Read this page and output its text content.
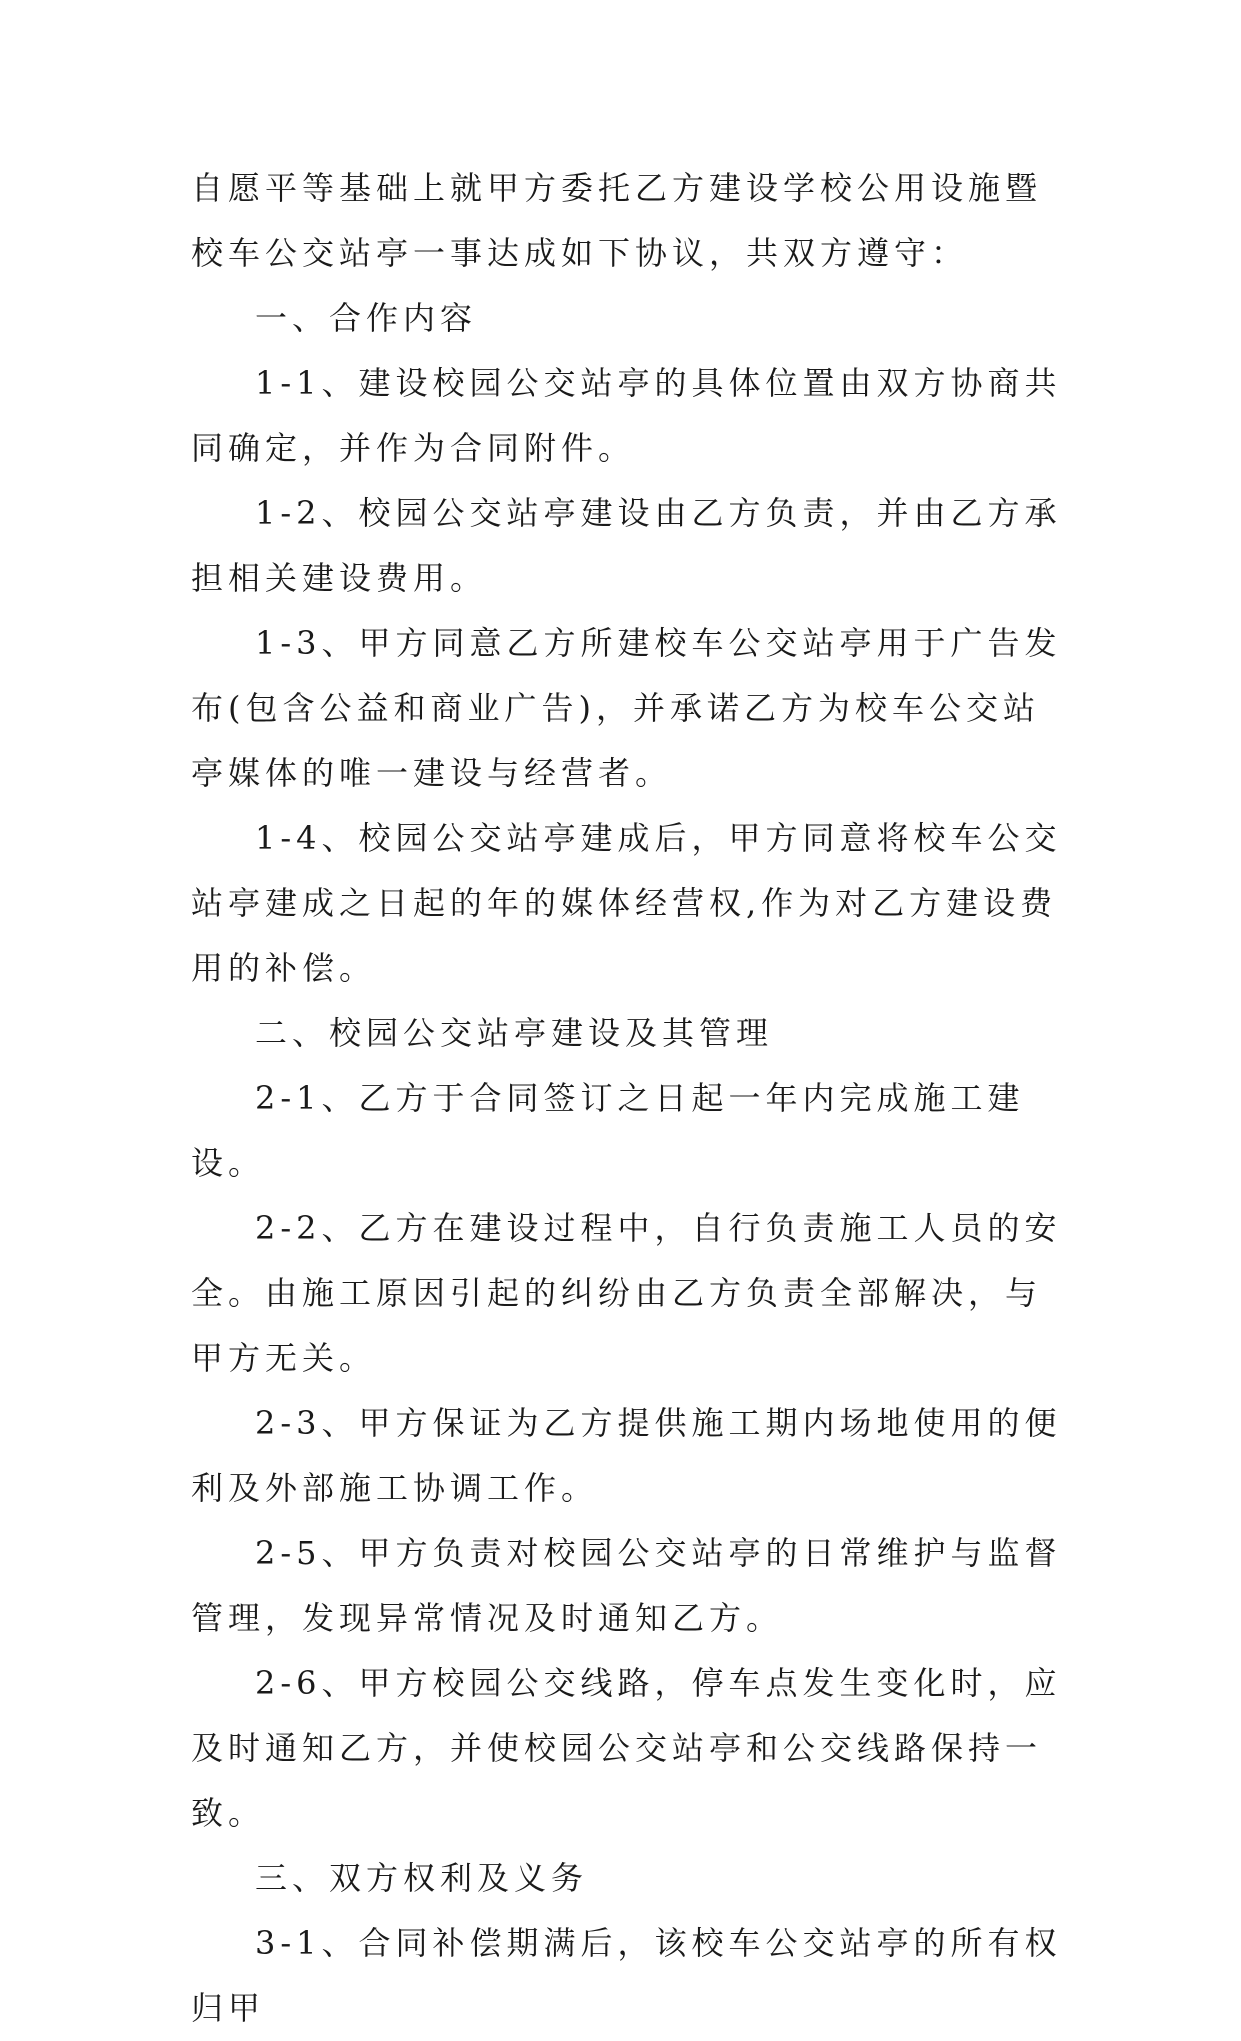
自愿平等基础上就甲方委托乙方建设学校公用设施暨校车公交站亭一事达成如下协议，共双方遵守：

一、合作内容

1-1、建设校园公交站亭的具体位置由双方协商共同确定，并作为合同附件。

1-2、校园公交站亭建设由乙方负责，并由乙方承担相关建设费用。

1-3、甲方同意乙方所建校车公交站亭用于广告发布(包含公益和商业广告)，并承诺乙方为校车公交站亭媒体的唯一建设与经营者。

1-4、校园公交站亭建成后，甲方同意将校车公交站亭建成之日起的年的媒体经营权,作为对乙方建设费用的补偿。

二、校园公交站亭建设及其管理

2-1、乙方于合同签订之日起一年内完成施工建设。

2-2、乙方在建设过程中，自行负责施工人员的安全。由施工原因引起的纠纷由乙方负责全部解决，与甲方无关。

2-3、甲方保证为乙方提供施工期内场地使用的便利及外部施工协调工作。

2-5、甲方负责对校园公交站亭的日常维护与监督管理，发现异常情况及时通知乙方。

2-6、甲方校园公交线路，停车点发生变化时，应及时通知乙方，并使校园公交站亭和公交线路保持一致。

三、双方权利及义务

3-1、合同补偿期满后，该校车公交站亭的所有权归甲
